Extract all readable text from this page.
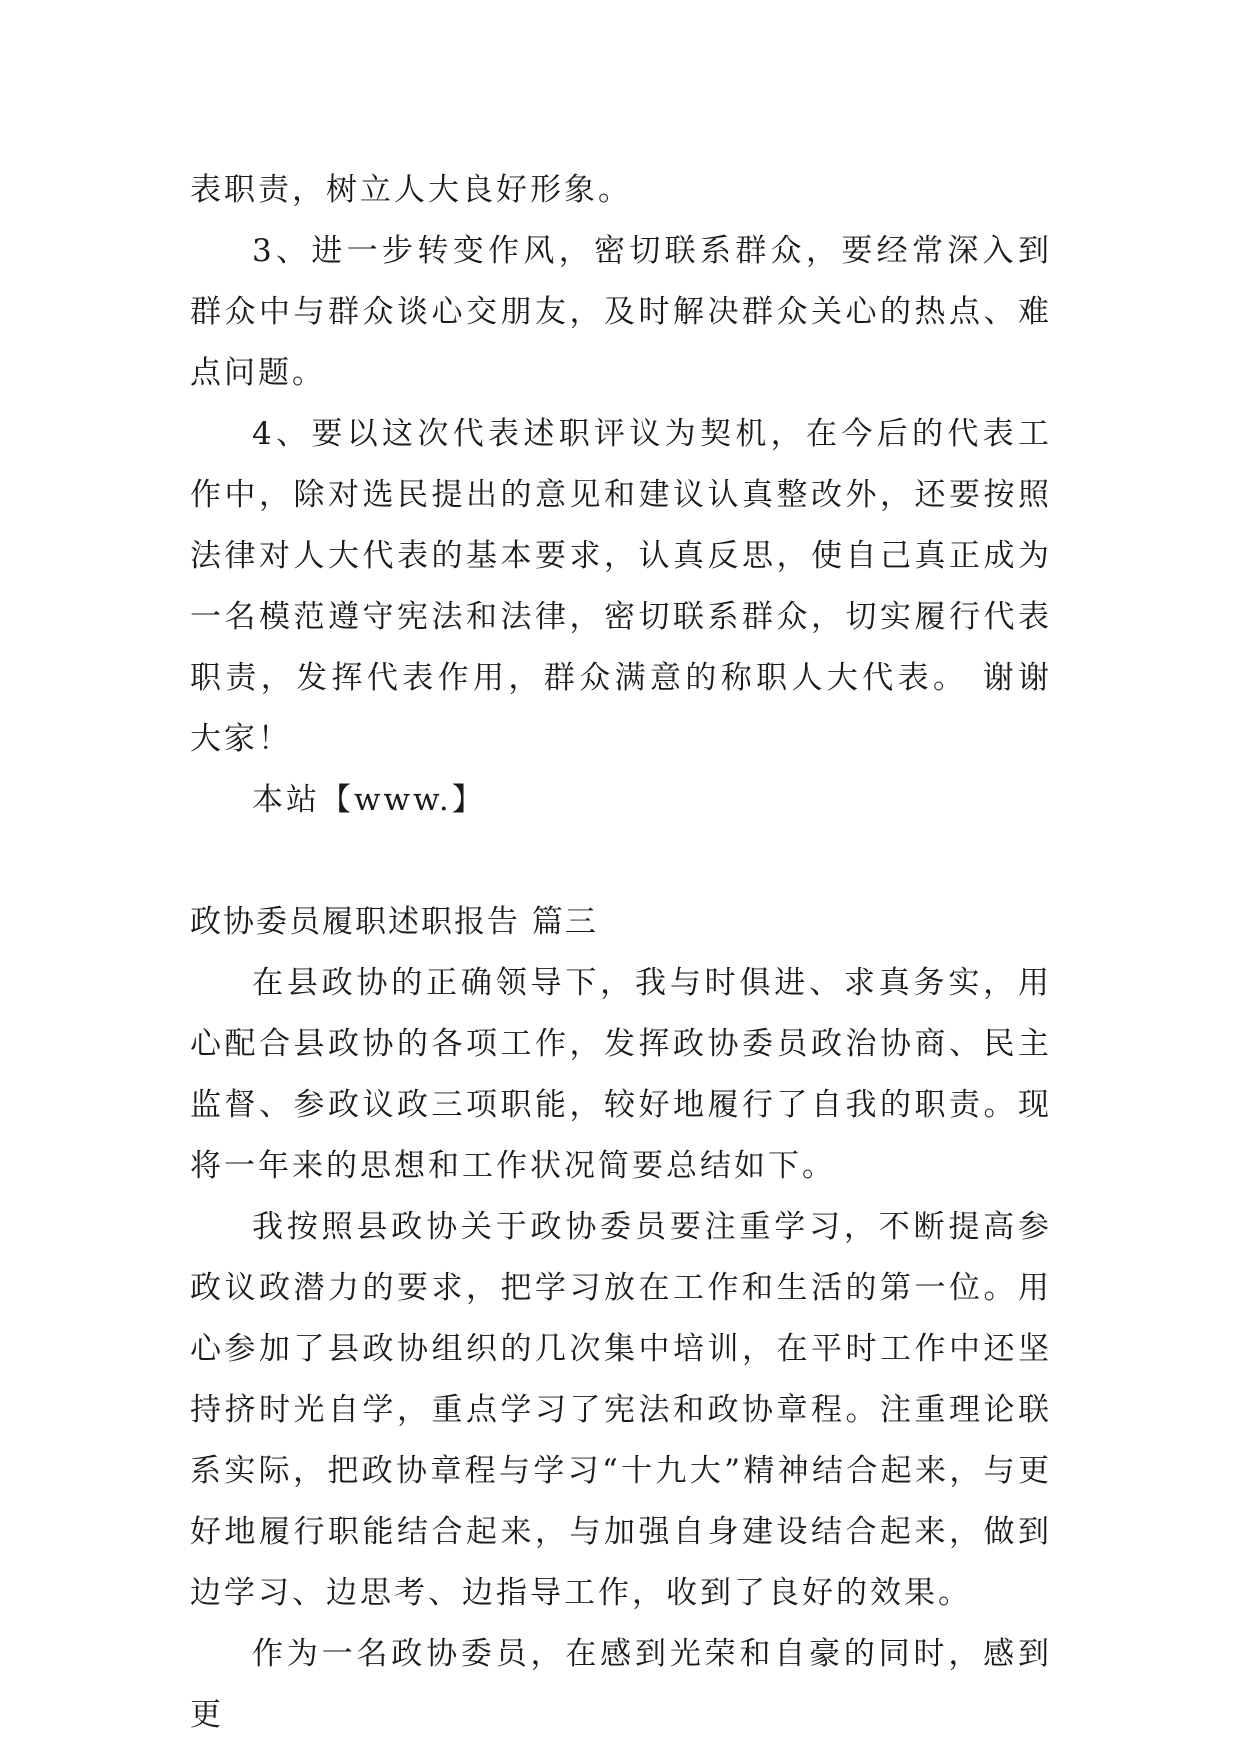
表职责，树立人大良好形象。

3、进一步转变作风，密切联系群众，要经常深入到群众中与群众谈心交朋友，及时解决群众关心的热点、难点问题。

4、要以这次代表述职评议为契机，在今后的代表工作中，除对选民提出的意见和建议认真整改外，还要按照法律对人大代表的基本要求，认真反思，使自己真正成为一名模范遵守宪法和法律，密切联系群众，切实履行代表职责，发挥代表作用，群众满意的称职人大代表。 谢谢大家！

本站【www.】

政协委员履职述职报告 篇三

在县政协的正确领导下，我与时俱进、求真务实，用心配合县政协的各项工作，发挥政协委员政治协商、民主监督、参政议政三项职能，较好地履行了自我的职责。现将一年来的思想和工作状况简要总结如下。

我按照县政协关于政协委员要注重学习，不断提高参政议政潜力的要求，把学习放在工作和生活的第一位。用心参加了县政协组织的几次集中培训，在平时工作中还坚持挤时光自学，重点学习了宪法和政协章程。注重理论联系实际，把政协章程与学习“十九大”精神结合起来，与更好地履行职能结合起来，与加强自身建设结合起来，做到边学习、边思考、边指导工作，收到了良好的效果。

作为一名政协委员，在感到光荣和自豪的同时，感到更
